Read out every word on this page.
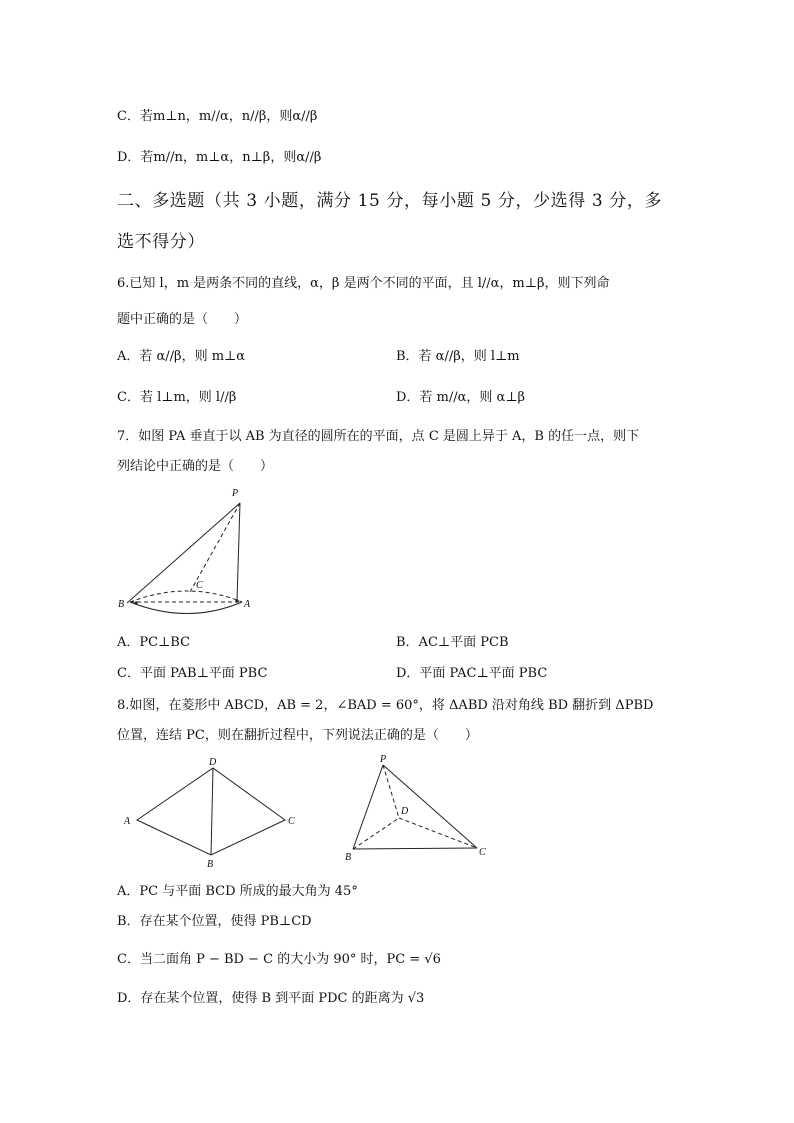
C．若m⊥n，m//α，n//β，则α//β
D．若m//n，m⊥α，n⊥β，则α//β
二、多选题（共 3 小题，满分 15 分，每小题 5 分，少选得 3 分，多
选不得分）
6.已知 l，m 是两条不同的直线，α，β 是两个不同的平面，且 l//α，m⊥β，则下列命
题中正确的是（　　）
A．若 α//β，则 m⊥α	B．若 α//β，则 l⊥m
C．若 l⊥m，则 l//β	D．若 m//α，则 α⊥β
7．如图 PA 垂直于以 AB 为直径的圆所在的平面，点 C 是圆上异于 A，B 的任一点，则下
列结论中正确的是（　　）
P
B
C
A
A．PC⊥BC	B．AC⊥平面 PCB
C．平面 PAB⊥平面 PBC	D．平面 PAC⊥平面 PBC
8.如图，在菱形中 ABCD，AB = 2，∠BAD = 60°，将 ΔABD 沿对角线 BD 翻折到 ΔPBD
位置，连结 PC，则在翻折过程中，下列说法正确的是（　　）
D
A	C
B
P
D
B	C
A．PC 与平面 BCD 所成的最大角为 45°
B．存在某个位置，使得 PB⊥CD
C．当二面角 P − BD − C 的大小为 90° 时，PC = √6
D．存在某个位置，使得 B 到平面 PDC 的距离为 √3
